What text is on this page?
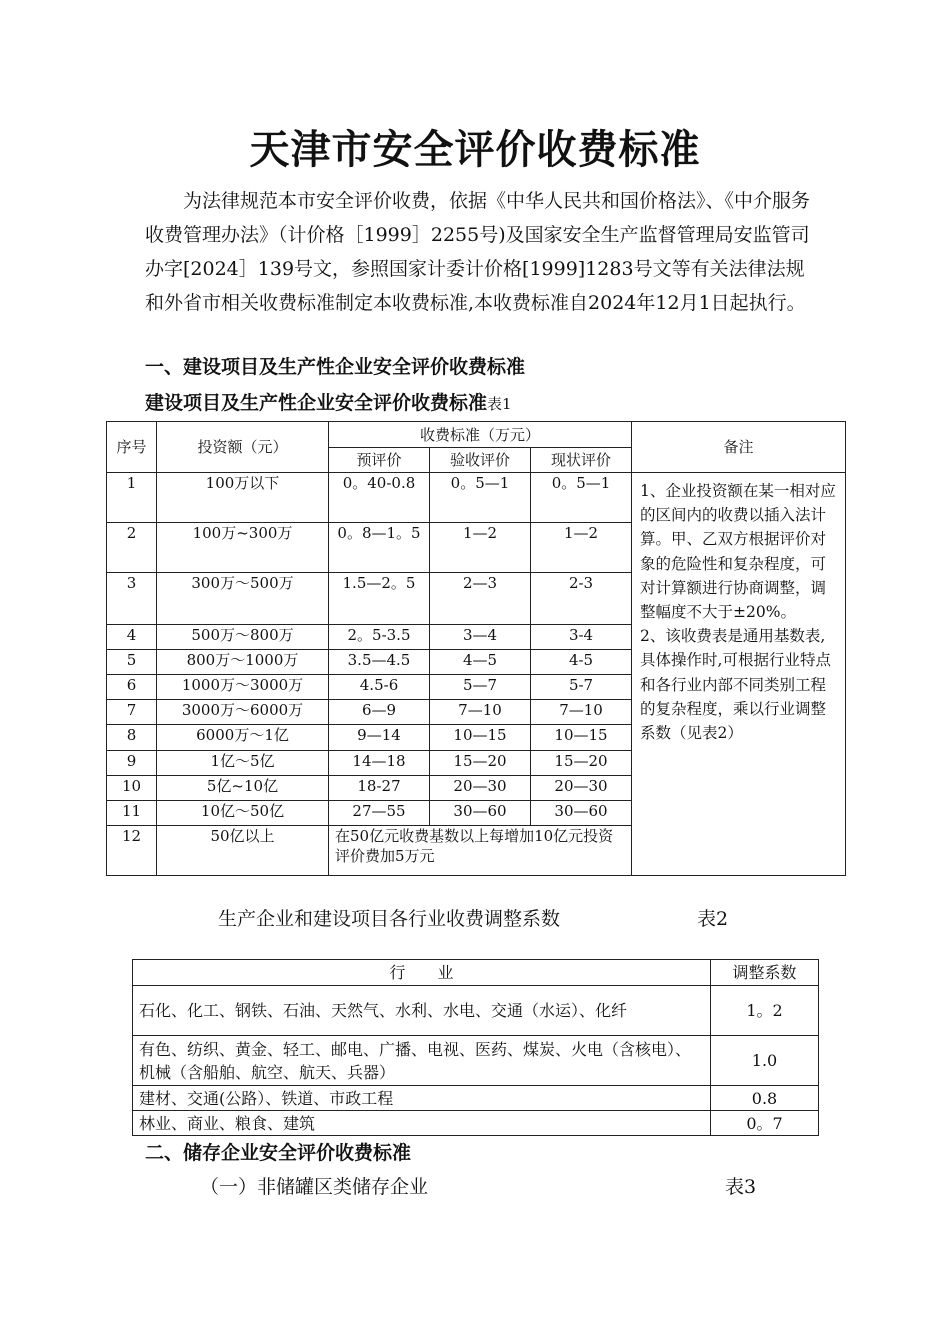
天津市安全评价收费标准

为法律规范本市安全评价收费，依据《中华人民共和国价格法》、《中介服务收费管理办法》（计价格［1999］2255号)及国家安全生产监督管理局安监管司办字[2024］139号文，参照国家计委计价格[1999]1283号文等有关法律法规和外省市相关收费标准制定本收费标准,本收费标准自2024年12月1日起执行。

一、建设项目及生产性企业安全评价收费标准
建设项目及生产性企业安全评价收费标准表1
序号	投资额（元）	收费标准（万元）			备注
		预评价	验收评价	现状评价	
1	100万以下	0。40-0.8	0。5—1	0。5—1	1、企业投资额在某一相对应的区间内的收费以插入法计算。甲、乙双方根据评价对象的危险性和复杂程度，可对计算额进行协商调整，调整幅度不大于±20%。

2、该收费表是通用基数表,具体操作时,可根据行业特点和各行业内部不同类别工程的复杂程度，乘以行业调整系数（见表2）

2	100万~300万	0。8—1。5	1—2	1—2	
3	300万～500万	1.5—2。5	2—3	2-3	
4	500万～800万	2。5-3.5	3—4	3-4	
5	800万～1000万	3.5—4.5	4—5	4-5	
6	1000万～3000万	4.5-6	5—7	5-7	
7	3000万～6000万	6—9	7—10	7—10	
8	6000万～1亿	9—14	10—15	10—15	
9	1亿～5亿	14—18	15—20	15—20	
10	5亿~10亿	18-27	20—30	20—30	
11	10亿～50亿	27—55	30—60	30—60	
12	50亿以上	在50亿元收费基数以上每增加10亿元投资评价费加5万元			
生产企业和建设项目各行业收费调整系数	表2
行　　业	调整系数
石化、化工、钢铁、石油、天然气、水利、水电、交通（水运）、化纤	1。2
有色、纺织、黄金、轻工、邮电、广播、电视、医药、煤炭、火电（含核电）、机械（含船舶、航空、航天、兵器）	1.0
建材、交通(公路）、铁道、市政工程	0.8
林业、商业、粮食、建筑	0。7
二、储存企业安全评价收费标准
（一）非储罐区类储存企业	表3
